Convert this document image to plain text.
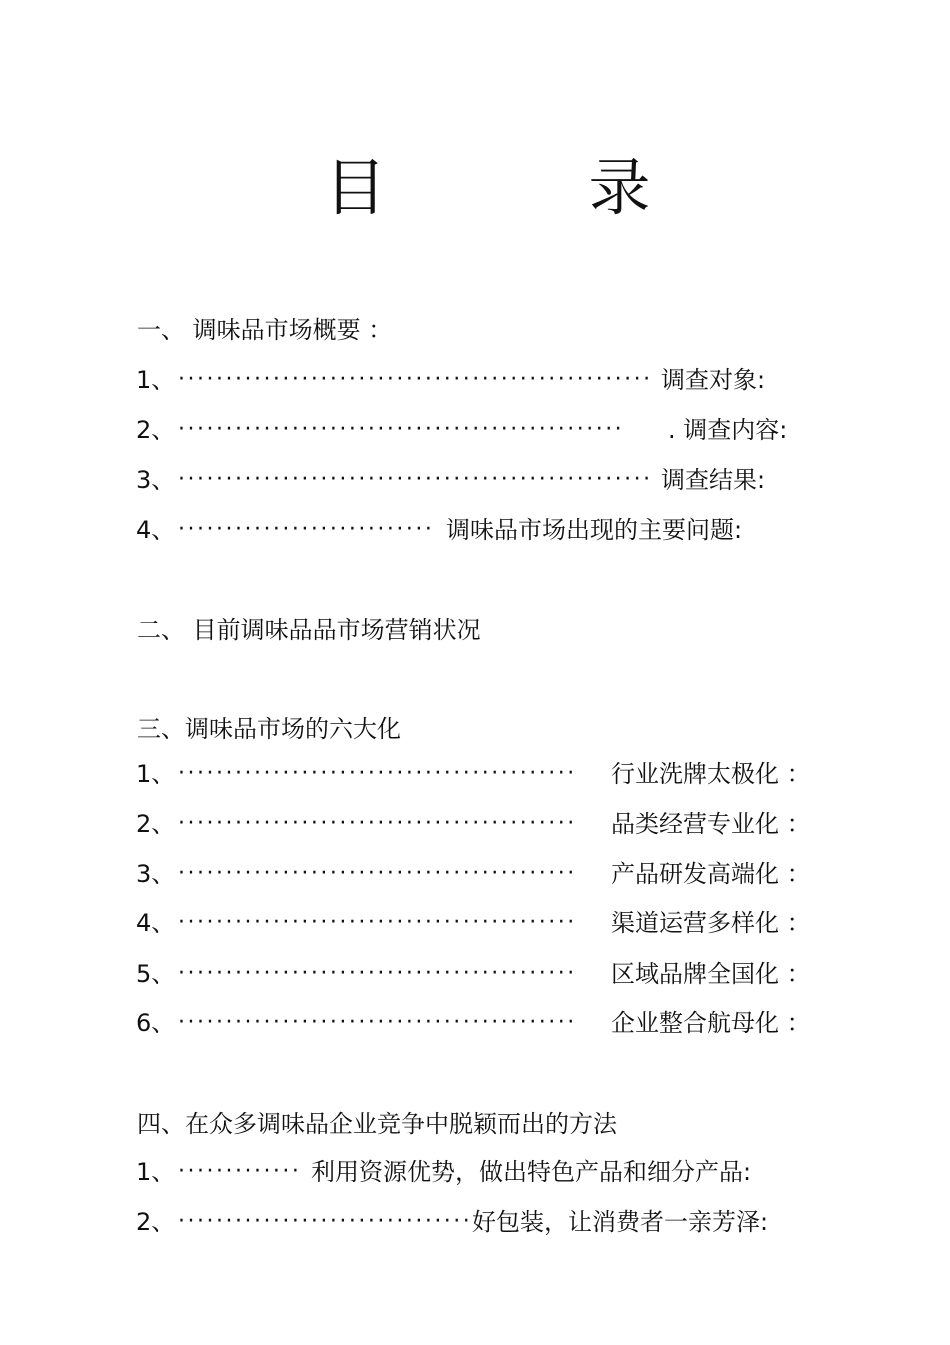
目　录
一、 调味品市场概要 ：
1、 ·················································· 调查对象:
2、 ··············································· . 调查内容:
3、 ·················································· 调查结果:
4、 ··························· 调味品市场出现的主要问题:
二、 目前调味品品市场营销状况
三、调味品市场的六大化
1、 ·········································· 行业洗牌太极化 ：
2、 ·········································· 品类经营专业化 ：
3、 ·········································· 产品研发高端化 ：
4、 ·········································· 渠道运营多样化 ：
5、 ·········································· 区域品牌全国化 ：
6、 ·········································· 企业整合航母化 ：
四、在众多调味品企业竞争中脱颖而出的方法
1、 ············· 利用资源优势，做出特色产品和细分产品:
2、 ······························· 好包装，让消费者一亲芳泽:
